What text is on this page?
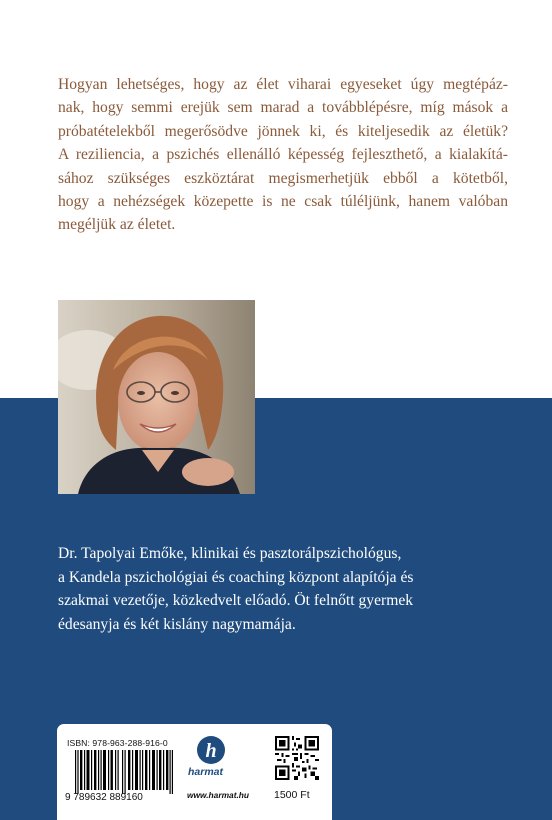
Hogyan lehetséges, hogy az élet viharai egyeseket úgy megtépáz-
nak, hogy semmi erejük sem marad a továbblépésre, míg mások a
próbatételekből megerősödve jönnek ki, és kiteljesedik az életük?
A reziliencia, a pszichés ellenálló képesség fejleszthető, a kialakítá-
sához szükséges eszköztárat megismerhetjük ebből a kötetből,
hogy a nehézségek közepette is ne csak túléljünk, hanem valóban
megéljük az életet.
Dr. Tapolyai Emőke, klinikai és pasztorálpszichológus,
a Kandela pszichológiai és coaching központ alapítója és
szakmai vezetője, közkedvelt előadó. Öt felnőtt gyermek
édesanyja és két kislány nagymamája.
ISBN: 978-963-288-916-0
9 789632 889160
h
harmat
www.harmat.hu 1500 Ft
